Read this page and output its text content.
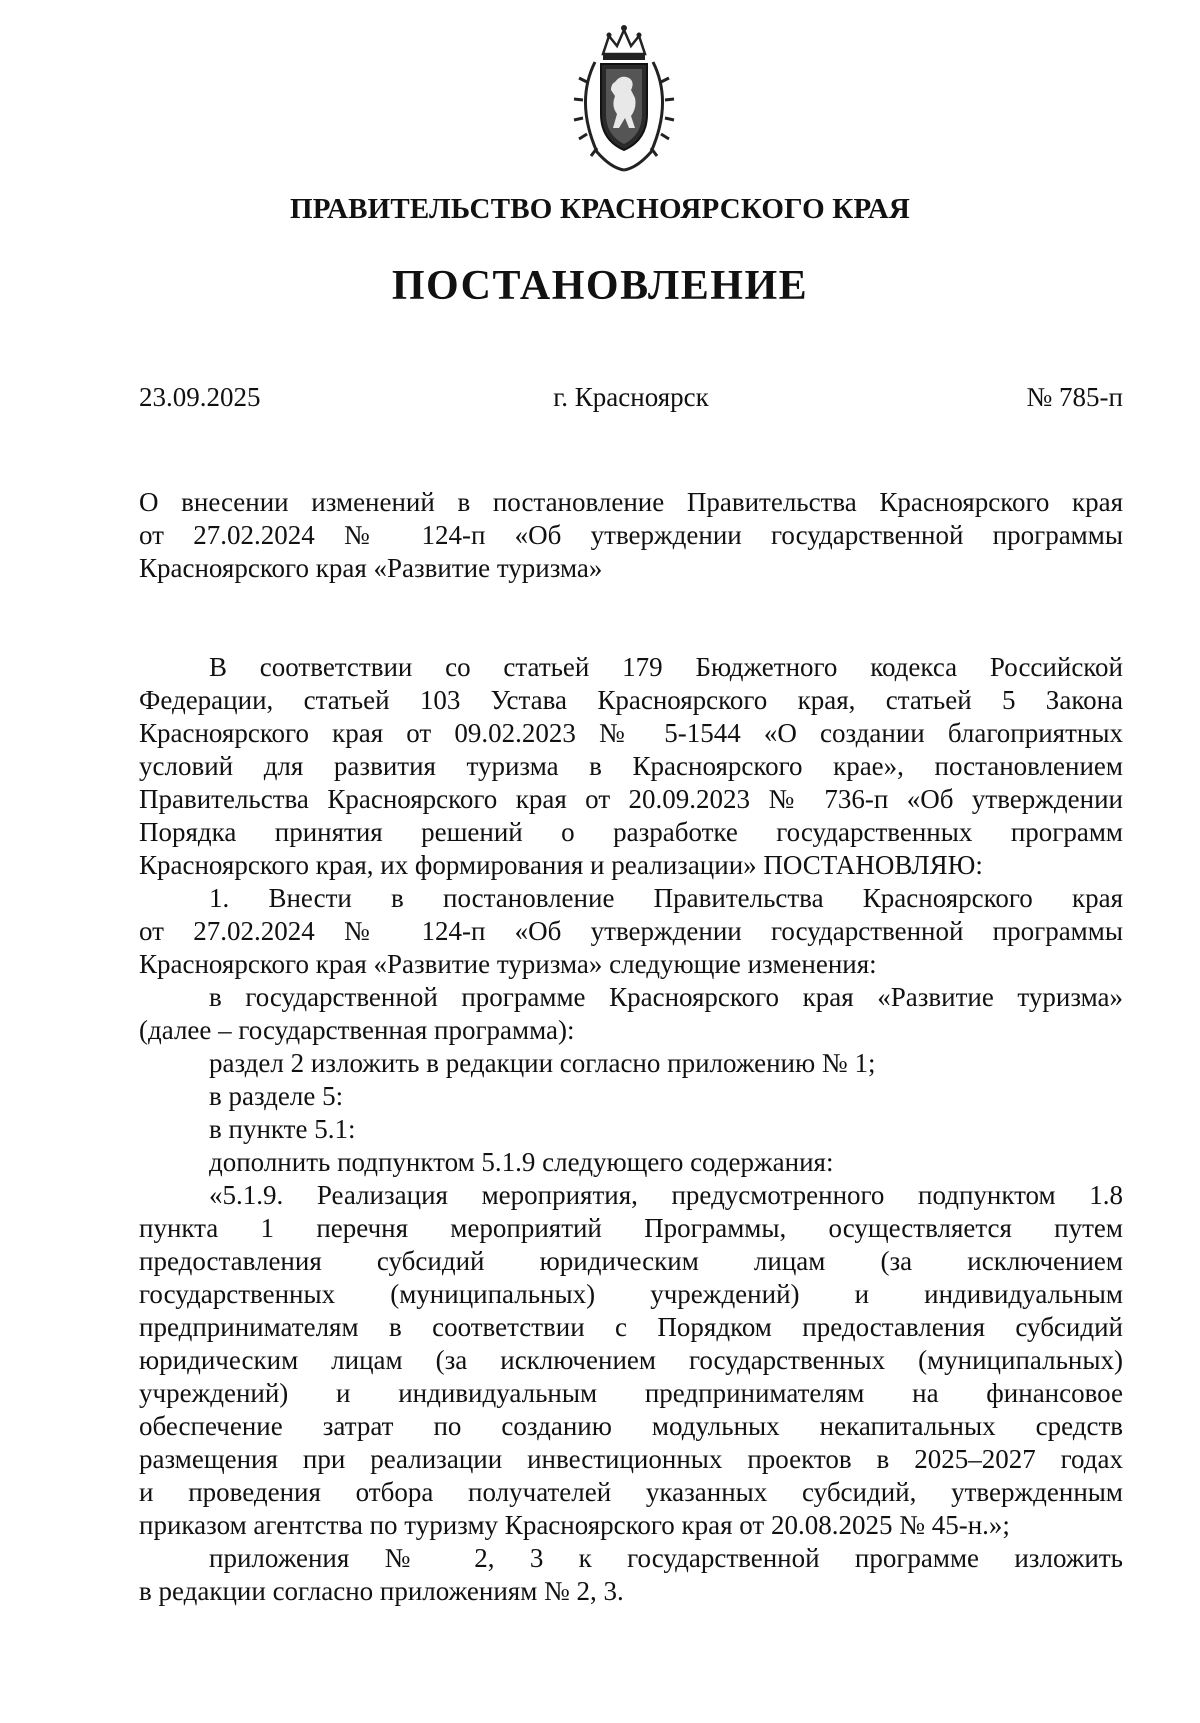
ПРАВИТЕЛЬСТВО КРАСНОЯРСКОГО КРАЯ
ПОСТАНОВЛЕНИЕ
23.09.2025	г. Красноярск	№ 785-п
О внесении изменений в постановление Правительства Красноярского края
от 27.02.2024 № 124-п «Об утверждении государственной программы
Красноярского края «Развитие туризма»
В соответствии со статьей 179 Бюджетного кодекса Российской
Федерации, статьей 103 Устава Красноярского края, статьей 5 Закона
Красноярского края от 09.02.2023 № 5-1544 «О создании благоприятных
условий для развития туризма в Красноярского крае», постановлением
Правительства Красноярского края от 20.09.2023 № 736-п «Об утверждении
Порядка принятия решений о разработке государственных программ
Красноярского края, их формирования и реализации» ПОСТАНОВЛЯЮ:
1. Внести в постановление Правительства Красноярского края
от 27.02.2024 № 124-п «Об утверждении государственной программы
Красноярского края «Развитие туризма» следующие изменения:
в государственной программе Красноярского края «Развитие туризма»
(далее – государственная программа):
раздел 2 изложить в редакции согласно приложению № 1;
в разделе 5:
в пункте 5.1:
дополнить подпунктом 5.1.9 следующего содержания:
«5.1.9. Реализация мероприятия, предусмотренного подпунктом 1.8
пункта 1 перечня мероприятий Программы, осуществляется путем
предоставления субсидий юридическим лицам (за исключением
государственных (муниципальных) учреждений) и индивидуальным
предпринимателям в соответствии с Порядком предоставления субсидий
юридическим лицам (за исключением государственных (муниципальных)
учреждений) и индивидуальным предпринимателям на финансовое
обеспечение затрат по созданию модульных некапитальных средств
размещения при реализации инвестиционных проектов в 2025–2027 годах
и проведения отбора получателей указанных субсидий, утвержденным
приказом агентства по туризму Красноярского края от 20.08.2025 № 45-н.»;
приложения № 2, 3 к государственной программе изложить
в редакции согласно приложениям № 2, 3.
